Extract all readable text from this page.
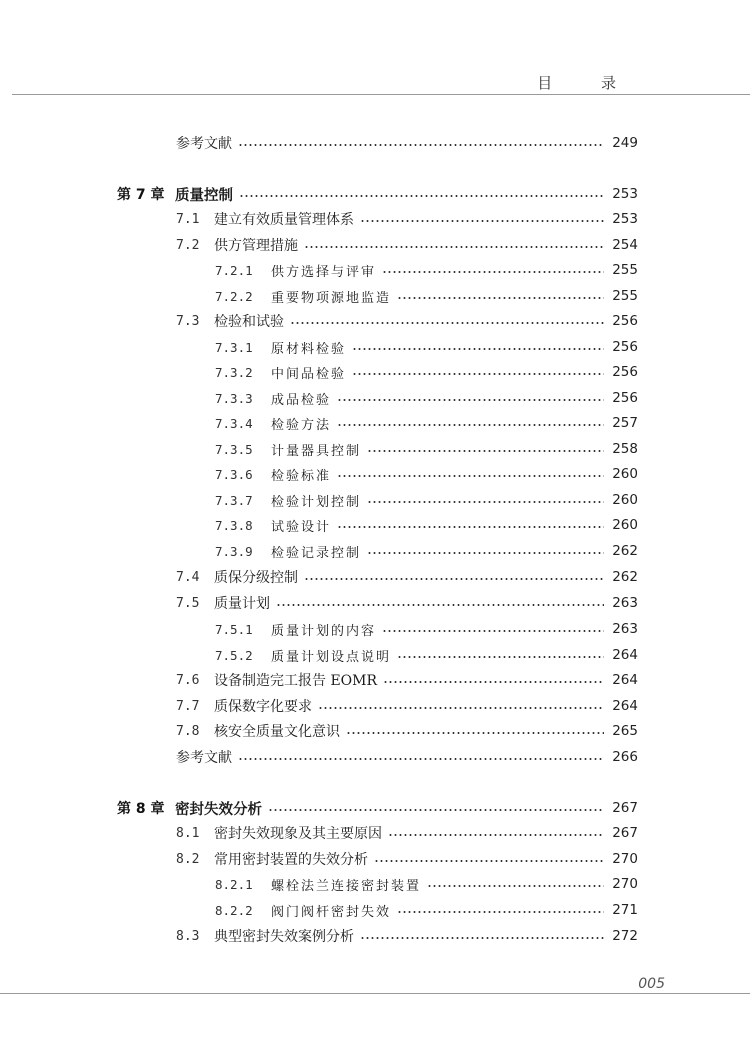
目 录
参考文献	249
第 7 章 质量控制	253
7.1	建立有效质量管理体系	253
7.2	供方管理措施	254
7.2.1	供方选择与评审	255
7.2.2	重要物项源地监造	255
7.3	检验和试验	256
7.3.1	原材料检验	256
7.3.2	中间品检验	256
7.3.3	成品检验	256
7.3.4	检验方法	257
7.3.5	计量器具控制	258
7.3.6	检验标准	260
7.3.7	检验计划控制	260
7.3.8	试验设计	260
7.3.9	检验记录控制	262
7.4	质保分级控制	262
7.5	质量计划	263
7.5.1	质量计划的内容	263
7.5.2	质量计划设点说明	264
7.6	设备制造完工报告 EOMR	264
7.7	质保数字化要求	264
7.8	核安全质量文化意识	265
参考文献	266
第 8 章 密封失效分析	267
8.1	密封失效现象及其主要原因	267
8.2	常用密封装置的失效分析	270
8.2.1	螺栓法兰连接密封装置	270
8.2.2	阀门阀杆密封失效	271
8.3	典型密封失效案例分析	272
005
